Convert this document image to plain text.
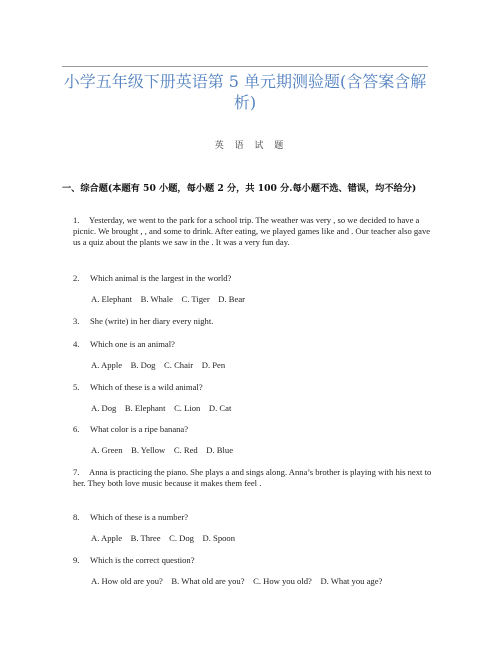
小学五年级下册英语第 5 单元期测验题(含答案含解析)
英 语 试 题
一、综合题(本题有 50 小题，每小题 2 分，共 100 分.每小题不选、错误，均不给分)
1. Yesterday, we went to the park for a school trip. The weather was very , so we decided to have a picnic. We brought , , and some to drink. After eating, we played games like and . Our teacher also gave us a quiz about the plants we saw in the . It was a very fun day.
2. Which animal is the largest in the world?
A. Elephant    B. Whale    C. Tiger    D. Bear
3. She (write) in her diary every night.
4. Which one is an animal?
A. Apple    B. Dog    C. Chair    D. Pen
5. Which of these is a wild animal?
A. Dog    B. Elephant    C. Lion    D. Cat
6. What color is a ripe banana?
A. Green    B. Yellow    C. Red    D. Blue
7. Anna is practicing the piano. She plays a and sings along. Anna’s brother is playing with his next to her. They both love music because it makes them feel .
8. Which of these is a number?
A. Apple    B. Three    C. Dog    D. Spoon
9. Which is the correct question?
A. How old are you?    B. What old are you?    C. How you old?    D. What you age?
